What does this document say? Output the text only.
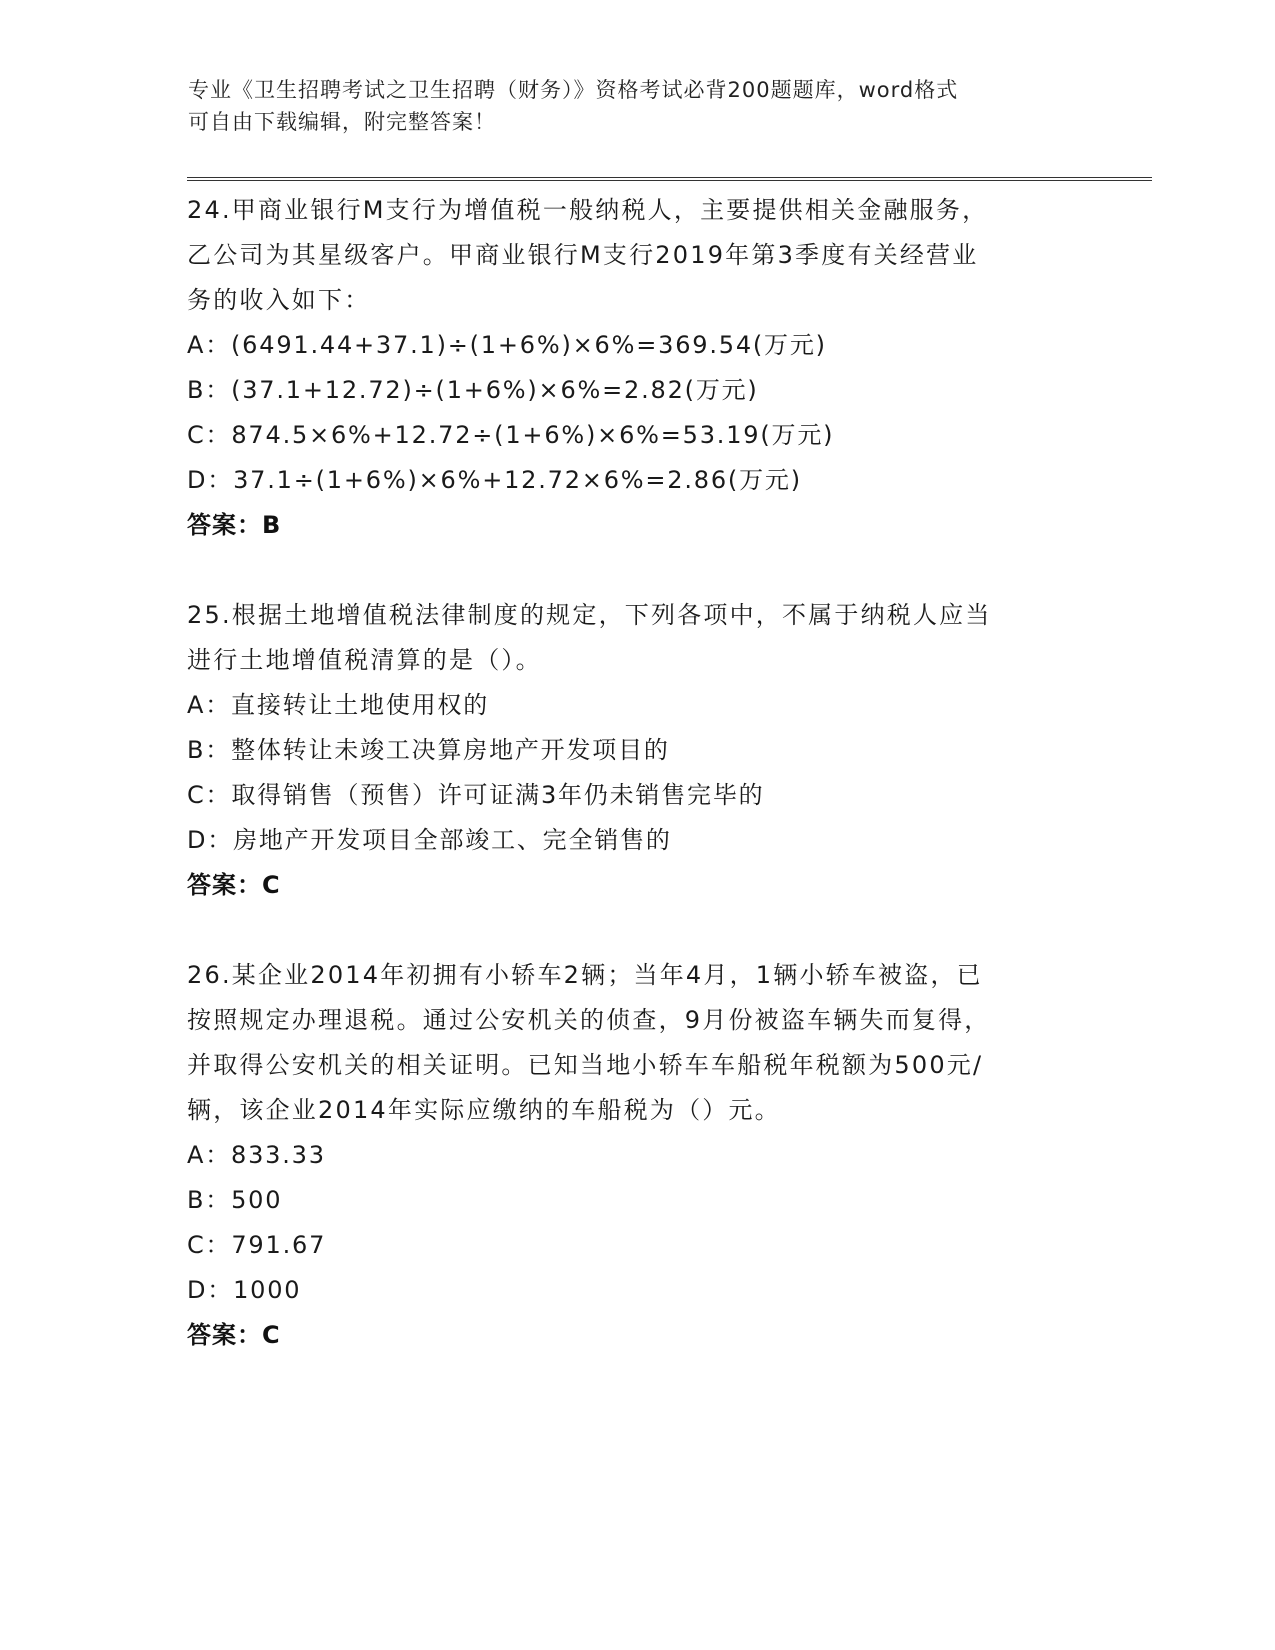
专业《卫生招聘考试之卫生招聘（财务）》资格考试必背200题题库，word格式
可自由下载编辑，附完整答案！
24.甲商业银行M支行为增值税一般纳税人，主要提供相关金融服务，
乙公司为其星级客户。甲商业银行M支行2019年第3季度有关经营业
务的收入如下：
A：(6491.44+37.1)÷(1+6%)×6%=369.54(万元)
B：(37.1+12.72)÷(1+6%)×6%=2.82(万元)
C：874.5×6%+12.72÷(1+6%)×6%=53.19(万元)
D：37.1÷(1+6%)×6%+12.72×6%=2.86(万元)
答案：B
25.根据土地增值税法律制度的规定，下列各项中，不属于纳税人应当
进行土地增值税清算的是（）。
A：直接转让土地使用权的
B：整体转让未竣工决算房地产开发项目的
C：取得销售（预售）许可证满3年仍未销售完毕的
D：房地产开发项目全部竣工、完全销售的
答案：C
26.某企业2014年初拥有小轿车2辆；当年4月，1辆小轿车被盗，已
按照规定办理退税。通过公安机关的侦查，9月份被盗车辆失而复得，
并取得公安机关的相关证明。已知当地小轿车车船税年税额为500元/
辆，该企业2014年实际应缴纳的车船税为（）元。
A：833.33
B：500
C：791.67
D：1000
答案：C
